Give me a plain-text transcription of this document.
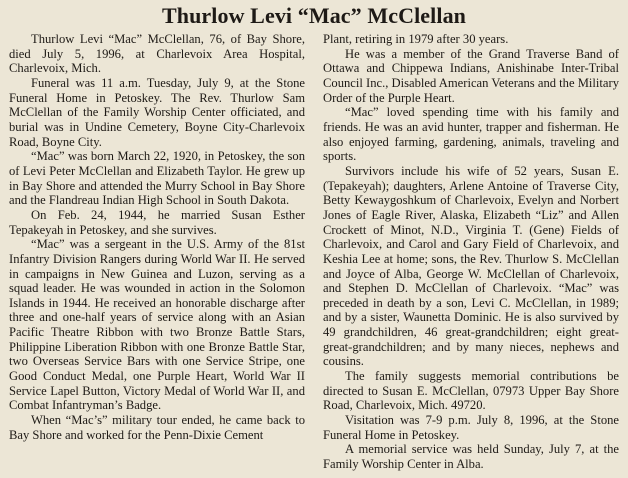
Thurlow Levi “Mac” McClellan

Thurlow Levi “Mac” McClellan, 76, of Bay Shore, died July 5, 1996, at Charlevoix Area Hospital, Charlevoix, Mich.

Funeral was 11 a.m. Tuesday, July 9, at the Stone Funeral Home in Petoskey. The Rev. Thurlow Sam McClellan of the Family Worship Center officiated, and burial was in Undine Cemetery, Boyne City-Charlevoix Road, Boyne City.

“Mac” was born March 22, 1920, in Petoskey, the son of Levi Peter McClellan and Elizabeth Taylor. He grew up in Bay Shore and attended the Murry School in Bay Shore and the Flandreau Indian High School in South Dakota.

On Feb. 24, 1944, he married Susan Esther Tepakeyah in Petoskey, and she survives.

“Mac” was a sergeant in the U.S. Army of the 81st Infantry Division Rangers during World War II. He served in campaigns in New Guinea and Luzon, serving as a squad leader. He was wounded in action in the Solomon Islands in 1944. He received an honorable discharge after three and one-half years of service along with an Asian Pacific Theatre Ribbon with two Bronze Battle Stars, Philippine Liberation Ribbon with one Bronze Battle Star, two Overseas Service Bars with one Service Stripe, one Good Conduct Medal, one Purple Heart, World War II Service Lapel Button, Victory Medal of World War II, and Combat Infantryman’s Badge.

When “Mac’s” military tour ended, he came back to Bay Shore and worked for the Penn-Dixie Cement

Plant, retiring in 1979 after 30 years.

He was a member of the Grand Traverse Band of Ottawa and Chippewa Indians, Anishinabe Inter-Tribal Council Inc., Disabled American Veterans and the Military Order of the Purple Heart.

“Mac” loved spending time with his family and friends. He was an avid hunter, trapper and fisherman. He also enjoyed farming, gardening, animals, traveling and sports.

Survivors include his wife of 52 years, Susan E. (Tepakeyah); daughters, Arlene Antoine of Traverse City, Betty Kewaygoshkum of Charlevoix, Evelyn and Norbert Jones of Eagle River, Alaska, Elizabeth “Liz” and Allen Crockett of Minot, N.D., Virginia T. (Gene) Fields of Charlevoix, and Carol and Gary Field of Charlevoix, and Keshia Lee at home; sons, the Rev. Thurlow S. McClellan and Joyce of Alba, George W. McClellan of Charlevoix, and Stephen D. McClellan of Charlevoix. “Mac” was preceded in death by a son, Levi C. McClellan, in 1989; and by a sister, Waunetta Dominic. He is also survived by 49 grandchildren, 46 great-grandchildren; eight great-great-grandchildren; and by many nieces, nephews and cousins.

The family suggests memorial contributions be directed to Susan E. McClellan, 07973 Upper Bay Shore Road, Charlevoix, Mich. 49720.

Visitation was 7-9 p.m. July 8, 1996, at the Stone Funeral Home in Petoskey.

A memorial service was held Sunday, July 7, at the Family Worship Center in Alba.
